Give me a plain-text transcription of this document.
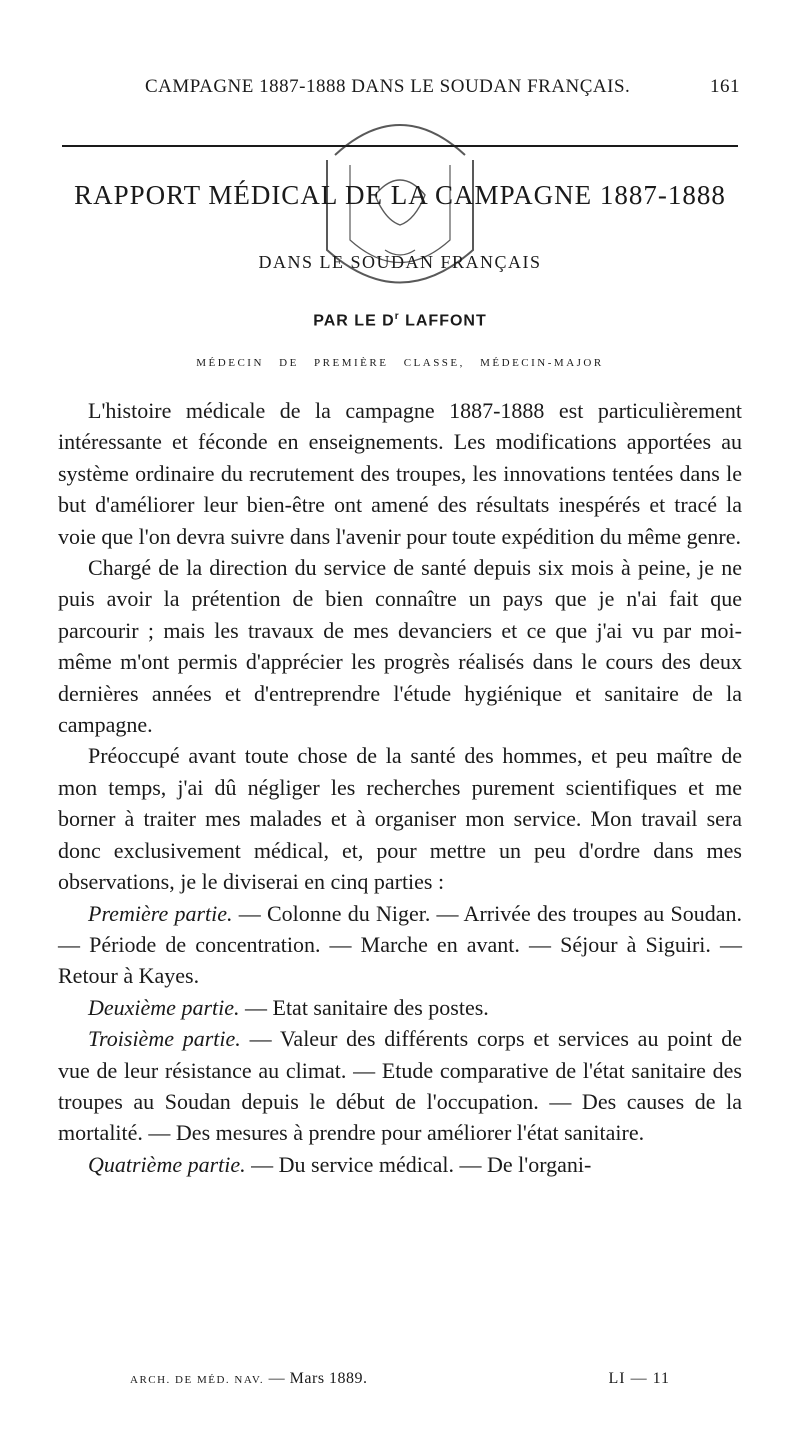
CAMPAGNE 1887-1888 DANS LE SOUDAN FRANÇAIS.	161
RAPPORT MÉDICAL DE LA CAMPAGNE 1887-1888
DANS LE SOUDAN FRANÇAIS
PAR LE $D^r$ LAFFONT
MÉDECIN DE PREMIÈRE CLASSE, MÉDECIN-MAJOR

L'histoire médicale de la campagne 1887-1888 est particulièrement intéressante et féconde en enseignements. Les modifications apportées au système ordinaire du recrutement des troupes, les innovations tentées dans le but d'améliorer leur bien-être ont amené des résultats inespérés et tracé la voie que l'on devra suivre dans l'avenir pour toute expédition du même genre.

Chargé de la direction du service de santé depuis six mois à peine, je ne puis avoir la prétention de bien connaître un pays que je n'ai fait que parcourir ; mais les travaux de mes devanciers et ce que j'ai vu par moi-même m'ont permis d'apprécier les progrès réalisés dans le cours des deux dernières années et d'entreprendre l'étude hygiénique et sanitaire de la campagne.

Préoccupé avant toute chose de la santé des hommes, et peu maître de mon temps, j'ai dû négliger les recherches purement scientifiques et me borner à traiter mes malades et à organiser mon service. Mon travail sera donc exclusivement médical, et, pour mettre un peu d'ordre dans mes observations, je le diviserai en cinq parties :

Première partie. — Colonne du Niger. — Arrivée des troupes au Soudan. — Période de concentration. — Marche en avant. — Séjour à Siguiri. — Retour à Kayes.

Deuxième partie. — Etat sanitaire des postes.

Troisième partie. — Valeur des différents corps et services au point de vue de leur résistance au climat. — Etude comparative de l'état sanitaire des troupes au Soudan depuis le début de l'occupation. — Des causes de la mortalité. — Des mesures à prendre pour améliorer l'état sanitaire.

Quatrième partie. — Du service médical. — De l'organi-

ARCH. DE MÉD. NAV. — Mars 1889.	LI — 11
